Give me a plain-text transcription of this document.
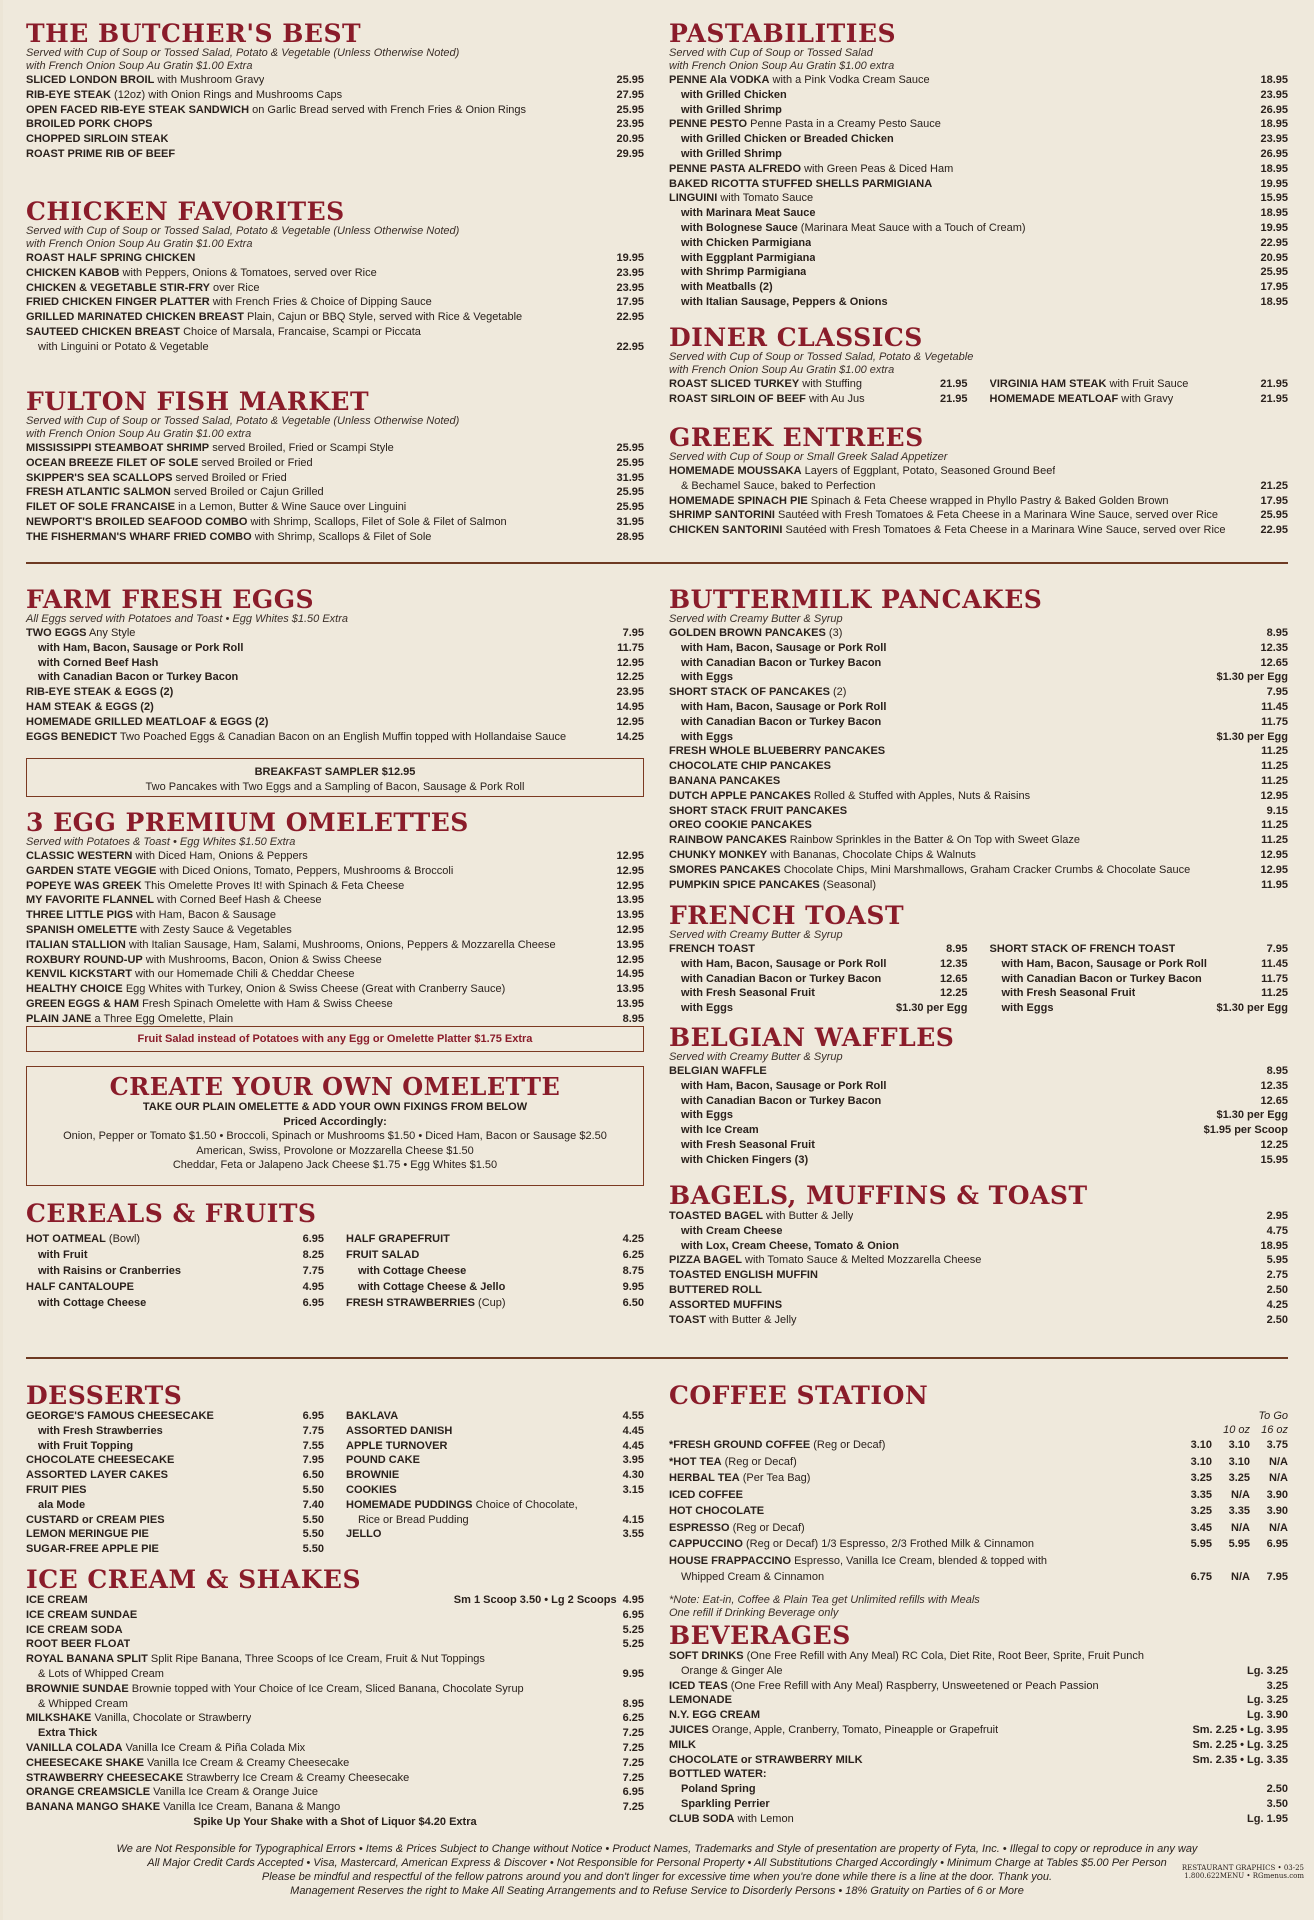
THE BUTCHER'S BEST
Served with Cup of Soup or Tossed Salad, Potato & Vegetable (Unless Otherwise Noted)
with French Onion Soup Au Gratin $1.00 Extra
SLICED LONDON BROIL with Mushroom Gravy	25.95
RIB-EYE STEAK (12oz) with Onion Rings and Mushrooms Caps	27.95
OPEN FACED RIB-EYE STEAK SANDWICH on Garlic Bread served with French Fries & Onion Rings	25.95
BROILED PORK CHOPS	23.95
CHOPPED SIRLOIN STEAK	20.95
ROAST PRIME RIB OF BEEF	29.95
CHICKEN FAVORITES
Served with Cup of Soup or Tossed Salad, Potato & Vegetable (Unless Otherwise Noted)
with French Onion Soup Au Gratin $1.00 Extra
ROAST HALF SPRING CHICKEN	19.95
CHICKEN KABOB with Peppers, Onions & Tomatoes, served over Rice	23.95
CHICKEN & VEGETABLE STIR-FRY over Rice	23.95
FRIED CHICKEN FINGER PLATTER with French Fries & Choice of Dipping Sauce	17.95
GRILLED MARINATED CHICKEN BREAST Plain, Cajun or BBQ Style, served with Rice & Vegetable	22.95
SAUTEED CHICKEN BREAST Choice of Marsala, Francaise, Scampi or Piccata
with Linguini or Potato & Vegetable	22.95
FULTON FISH MARKET
Served with Cup of Soup or Tossed Salad, Potato & Vegetable (Unless Otherwise Noted)
with French Onion Soup Au Gratin $1.00 extra
MISSISSIPPI STEAMBOAT SHRIMP served Broiled, Fried or Scampi Style	25.95
OCEAN BREEZE FILET OF SOLE served Broiled or Fried	25.95
SKIPPER'S SEA SCALLOPS served Broiled or Fried	31.95
FRESH ATLANTIC SALMON served Broiled or Cajun Grilled	25.95
FILET OF SOLE FRANCAISE in a Lemon, Butter & Wine Sauce over Linguini	25.95
NEWPORT'S BROILED SEAFOOD COMBO with Shrimp, Scallops, Filet of Sole & Filet of Salmon	31.95
THE FISHERMAN'S WHARF FRIED COMBO with Shrimp, Scallops & Filet of Sole	28.95
PASTABILITIES
Served with Cup of Soup or Tossed Salad
with French Onion Soup Au Gratin $1.00 extra
PENNE Ala VODKA with a Pink Vodka Cream Sauce	18.95
with Grilled Chicken	23.95
with Grilled Shrimp	26.95
PENNE PESTO Penne Pasta in a Creamy Pesto Sauce	18.95
with Grilled Chicken or Breaded Chicken	23.95
with Grilled Shrimp	26.95
PENNE PASTA ALFREDO with Green Peas & Diced Ham	18.95
BAKED RICOTTA STUFFED SHELLS PARMIGIANA	19.95
LINGUINI with Tomato Sauce	15.95
with Marinara Meat Sauce	18.95
with Bolognese Sauce (Marinara Meat Sauce with a Touch of Cream)	19.95
with Chicken Parmigiana	22.95
with Eggplant Parmigiana	20.95
with Shrimp Parmigiana	25.95
with Meatballs (2)	17.95
with Italian Sausage, Peppers & Onions	18.95
DINER CLASSICS
Served with Cup of Soup or Tossed Salad, Potato & Vegetable
with French Onion Soup Au Gratin $1.00 extra
ROAST SLICED TURKEY with Stuffing	21.95
ROAST SIRLOIN OF BEEF with Au Jus	21.95
VIRGINIA HAM STEAK with Fruit Sauce	21.95
HOMEMADE MEATLOAF with Gravy	21.95
GREEK ENTREES
Served with Cup of Soup or Small Greek Salad Appetizer
HOMEMADE MOUSSAKA Layers of Eggplant, Potato, Seasoned Ground Beef
& Bechamel Sauce, baked to Perfection	21.25
HOMEMADE SPINACH PIE Spinach & Feta Cheese wrapped in Phyllo Pastry & Baked Golden Brown	17.95
SHRIMP SANTORINI Sautéed with Fresh Tomatoes & Feta Cheese in a Marinara Wine Sauce, served over Rice	25.95
CHICKEN SANTORINI Sautéed with Fresh Tomatoes & Feta Cheese in a Marinara Wine Sauce, served over Rice	22.95
FARM FRESH EGGS
All Eggs served with Potatoes and Toast • Egg Whites $1.50 Extra
TWO EGGS Any Style	7.95
with Ham, Bacon, Sausage or Pork Roll	11.75
with Corned Beef Hash	12.95
with Canadian Bacon or Turkey Bacon	12.25
RIB-EYE STEAK & EGGS (2)	23.95
HAM STEAK & EGGS (2)	14.95
HOMEMADE GRILLED MEATLOAF & EGGS (2)	12.95
EGGS BENEDICT Two Poached Eggs & Canadian Bacon on an English Muffin topped with Hollandaise Sauce	14.25
BREAKFAST SAMPLER $12.95
Two Pancakes with Two Eggs and a Sampling of Bacon, Sausage & Pork Roll
3 EGG PREMIUM OMELETTES
Served with Potatoes & Toast • Egg Whites $1.50 Extra
CLASSIC WESTERN with Diced Ham, Onions & Peppers	12.95
GARDEN STATE VEGGIE with Diced Onions, Tomato, Peppers, Mushrooms & Broccoli	12.95
POPEYE WAS GREEK This Omelette Proves It! with Spinach & Feta Cheese	12.95
MY FAVORITE FLANNEL with Corned Beef Hash & Cheese	13.95
THREE LITTLE PIGS with Ham, Bacon & Sausage	13.95
SPANISH OMELETTE with Zesty Sauce & Vegetables	12.95
ITALIAN STALLION with Italian Sausage, Ham, Salami, Mushrooms, Onions, Peppers & Mozzarella Cheese	13.95
ROXBURY ROUND-UP with Mushrooms, Bacon, Onion & Swiss Cheese	12.95
KENVIL KICKSTART with our Homemade Chili & Cheddar Cheese	14.95
HEALTHY CHOICE Egg Whites with Turkey, Onion & Swiss Cheese (Great with Cranberry Sauce)	13.95
GREEN EGGS & HAM Fresh Spinach Omelette with Ham & Swiss Cheese	13.95
PLAIN JANE a Three Egg Omelette, Plain	8.95
Fruit Salad instead of Potatoes with any Egg or Omelette Platter $1.75 Extra
CREATE YOUR OWN OMELETTE
TAKE OUR PLAIN OMELETTE & ADD YOUR OWN FIXINGS FROM BELOW
Priced Accordingly:
Onion, Pepper or Tomato $1.50 • Broccoli, Spinach or Mushrooms $1.50 • Diced Ham, Bacon or Sausage $2.50
American, Swiss, Provolone or Mozzarella Cheese $1.50
Cheddar, Feta or Jalapeno Jack Cheese $1.75 • Egg Whites $1.50
CEREALS & FRUITS
HOT OATMEAL (Bowl)	6.95
with Fruit	8.25
with Raisins or Cranberries	7.75
HALF CANTALOUPE	4.95
with Cottage Cheese	6.95
HALF GRAPEFRUIT	4.25
FRUIT SALAD	6.25
with Cottage Cheese	8.75
with Cottage Cheese & Jello	9.95
FRESH STRAWBERRIES (Cup)	6.50
BUTTERMILK PANCAKES
Served with Creamy Butter & Syrup
GOLDEN BROWN PANCAKES (3)	8.95
with Ham, Bacon, Sausage or Pork Roll	12.35
with Canadian Bacon or Turkey Bacon	12.65
with Eggs	$1.30 per Egg
SHORT STACK OF PANCAKES (2)	7.95
with Ham, Bacon, Sausage or Pork Roll	11.45
with Canadian Bacon or Turkey Bacon	11.75
with Eggs	$1.30 per Egg
FRESH WHOLE BLUEBERRY PANCAKES	11.25
CHOCOLATE CHIP PANCAKES	11.25
BANANA PANCAKES	11.25
DUTCH APPLE PANCAKES Rolled & Stuffed with Apples, Nuts & Raisins	12.95
SHORT STACK FRUIT PANCAKES	9.15
OREO COOKIE PANCAKES	11.25
RAINBOW PANCAKES Rainbow Sprinkles in the Batter & On Top with Sweet Glaze	11.25
CHUNKY MONKEY with Bananas, Chocolate Chips & Walnuts	12.95
SMORES PANCAKES Chocolate Chips, Mini Marshmallows, Graham Cracker Crumbs & Chocolate Sauce	12.95
PUMPKIN SPICE PANCAKES (Seasonal)	11.95
FRENCH TOAST
Served with Creamy Butter & Syrup
FRENCH TOAST	8.95
with Ham, Bacon, Sausage or Pork Roll	12.35
with Canadian Bacon or Turkey Bacon	12.65
with Fresh Seasonal Fruit	12.25
with Eggs	$1.30 per Egg
SHORT STACK OF FRENCH TOAST	7.95
with Ham, Bacon, Sausage or Pork Roll	11.45
with Canadian Bacon or Turkey Bacon	11.75
with Fresh Seasonal Fruit	11.25
with Eggs	$1.30 per Egg
BELGIAN WAFFLES
Served with Creamy Butter & Syrup
BELGIAN WAFFLE	8.95
with Ham, Bacon, Sausage or Pork Roll	12.35
with Canadian Bacon or Turkey Bacon	12.65
with Eggs	$1.30 per Egg
with Ice Cream	$1.95 per Scoop
with Fresh Seasonal Fruit	12.25
with Chicken Fingers (3)	15.95
BAGELS, MUFFINS & TOAST
TOASTED BAGEL with Butter & Jelly	2.95
with Cream Cheese	4.75
with Lox, Cream Cheese, Tomato & Onion	18.95
PIZZA BAGEL with Tomato Sauce & Melted Mozzarella Cheese	5.95
TOASTED ENGLISH MUFFIN	2.75
BUTTERED ROLL	2.50
ASSORTED MUFFINS	4.25
TOAST with Butter & Jelly	2.50
DESSERTS
GEORGE'S FAMOUS CHEESECAKE	6.95
with Fresh Strawberries	7.75
with Fruit Topping	7.55
CHOCOLATE CHEESECAKE	7.95
ASSORTED LAYER CAKES	6.50
FRUIT PIES	5.50
ala Mode	7.40
CUSTARD or CREAM PIES	5.50
LEMON MERINGUE PIE	5.50
SUGAR-FREE APPLE PIE	5.50
BAKLAVA	4.55
ASSORTED DANISH	4.45
APPLE TURNOVER	4.45
POUND CAKE	3.95
BROWNIE	4.30
COOKIES	3.15
HOMEMADE PUDDINGS Choice of Chocolate,
Rice or Bread Pudding	4.15
JELLO	3.55
ICE CREAM & SHAKES
ICE CREAM	Sm 1 Scoop 3.50 • Lg 2 Scoops 4.95
ICE CREAM SUNDAE	6.95
ICE CREAM SODA	5.25
ROOT BEER FLOAT	5.25
ROYAL BANANA SPLIT Split Ripe Banana, Three Scoops of Ice Cream, Fruit & Nut Toppings
& Lots of Whipped Cream	9.95
BROWNIE SUNDAE Brownie topped with Your Choice of Ice Cream, Sliced Banana, Chocolate Syrup
& Whipped Cream	8.95
MILKSHAKE Vanilla, Chocolate or Strawberry	6.25
Extra Thick	7.25
VANILLA COLADA Vanilla Ice Cream & Piña Colada Mix	7.25
CHEESECAKE SHAKE Vanilla Ice Cream & Creamy Cheesecake	7.25
STRAWBERRY CHEESECAKE Strawberry Ice Cream & Creamy Cheesecake	7.25
ORANGE CREAMSICLE Vanilla Ice Cream & Orange Juice	6.95
BANANA MANGO SHAKE Vanilla Ice Cream, Banana & Mango	7.25
Spike Up Your Shake with a Shot of Liquor $4.20 Extra
COFFEE STATION
To Go
10 oz	16 oz
*FRESH GROUND COFFEE (Reg or Decaf)	3.10	3.10	3.75
*HOT TEA (Reg or Decaf)	3.10	3.10	N/A
HERBAL TEA (Per Tea Bag)	3.25	3.25	N/A
ICED COFFEE	3.35	N/A	3.90
HOT CHOCOLATE	3.25	3.35	3.90
ESPRESSO (Reg or Decaf)	3.45	N/A	N/A
CAPPUCCINO (Reg or Decaf) 1/3 Espresso, 2/3 Frothed Milk & Cinnamon	5.95	5.95	6.95
HOUSE FRAPPACCINO Espresso, Vanilla Ice Cream, blended & topped with
Whipped Cream & Cinnamon	6.75	N/A	7.95
*Note: Eat-in, Coffee & Plain Tea get Unlimited refills with Meals
One refill if Drinking Beverage only
BEVERAGES
SOFT DRINKS (One Free Refill with Any Meal) RC Cola, Diet Rite, Root Beer, Sprite, Fruit Punch
Orange & Ginger Ale	Lg. 3.25
ICED TEAS (One Free Refill with Any Meal) Raspberry, Unsweetened or Peach Passion	3.25
LEMONADE	Lg. 3.25
N.Y. EGG CREAM	Lg. 3.90
JUICES Orange, Apple, Cranberry, Tomato, Pineapple or Grapefruit	Sm. 2.25 • Lg. 3.95
MILK	Sm. 2.25 • Lg. 3.25
CHOCOLATE or STRAWBERRY MILK	Sm. 2.35 • Lg. 3.35
BOTTLED WATER:
Poland Spring	2.50
Sparkling Perrier	3.50
CLUB SODA with Lemon	Lg. 1.95
We are Not Responsible for Typographical Errors • Items & Prices Subject to Change without Notice • Product Names, Trademarks and Style of presentation are property of Fyta, Inc. • Illegal to copy or reproduce in any way
All Major Credit Cards Accepted • Visa, Mastercard, American Express & Discover • Not Responsible for Personal Property • All Substitutions Charged Accordingly • Minimum Charge at Tables $5.00 Per Person
Please be mindful and respectful of the fellow patrons around you and don't linger for excessive time when you're done while there is a line at the door. Thank you.
Management Reserves the right to Make All Seating Arrangements and to Refuse Service to Disorderly Persons • 18% Gratuity on Parties of 6 or More
RESTAURANT GRAPHICS • 03-25
1.800.622MENU • RGmenus.com
